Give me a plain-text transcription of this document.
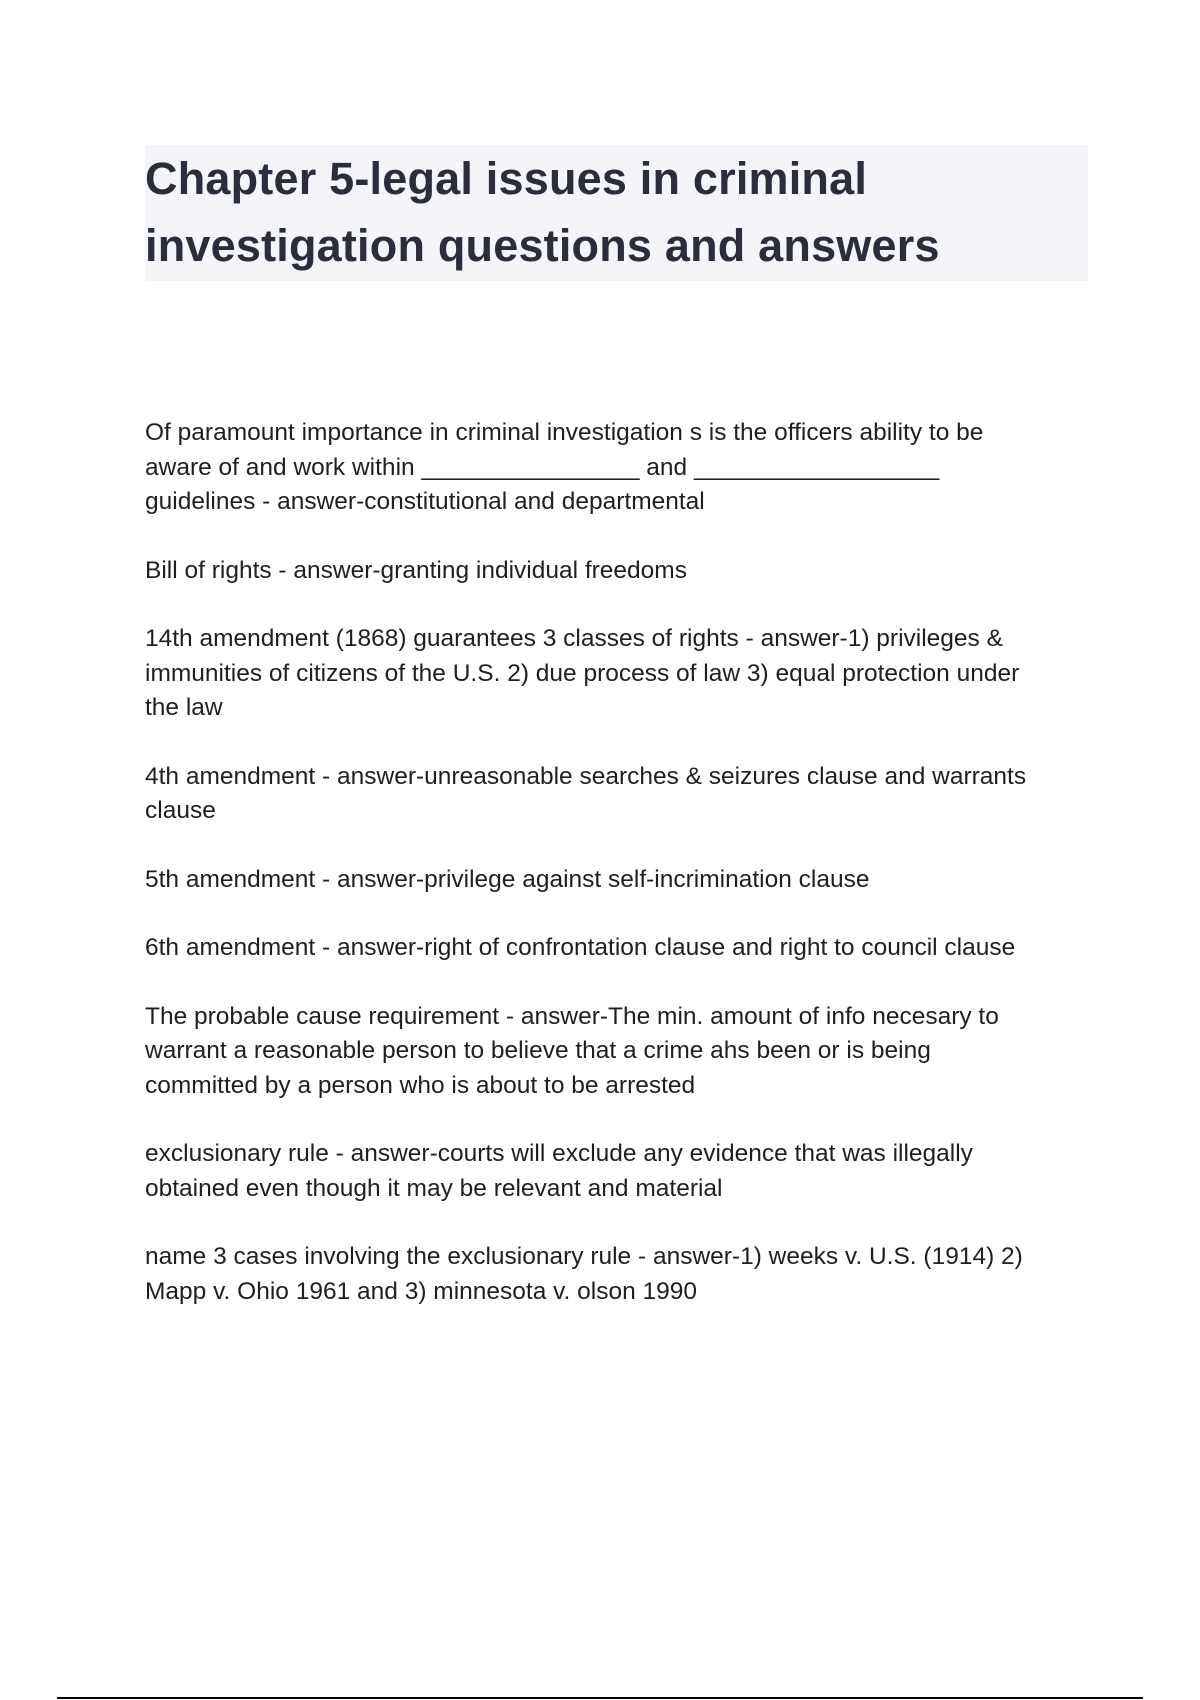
Chapter 5-legal issues in criminal investigation questions and answers

Of paramount importance in criminal investigation s is the officers ability to be
aware of and work within ________________ and __________________
guidelines - answer-constitutional and departmental

Bill of rights - answer-granting individual freedoms

14th amendment (1868) guarantees 3 classes of rights - answer-1) privileges &
immunities of citizens of the U.S. 2) due process of law 3) equal protection under
the law

4th amendment - answer-unreasonable searches & seizures clause and warrants
clause

5th amendment - answer-privilege against self-incrimination clause

6th amendment - answer-right of confrontation clause and right to council clause

The probable cause requirement - answer-The min. amount of info necesary to
warrant a reasonable person to believe that a crime ahs been or is being
committed by a person who is about to be arrested

exclusionary rule - answer-courts will exclude any evidence that was illegally
obtained even though it may be relevant and material

name 3 cases involving the exclusionary rule - answer-1) weeks v. U.S. (1914) 2)
Mapp v. Ohio 1961 and 3) minnesota v. olson 1990
